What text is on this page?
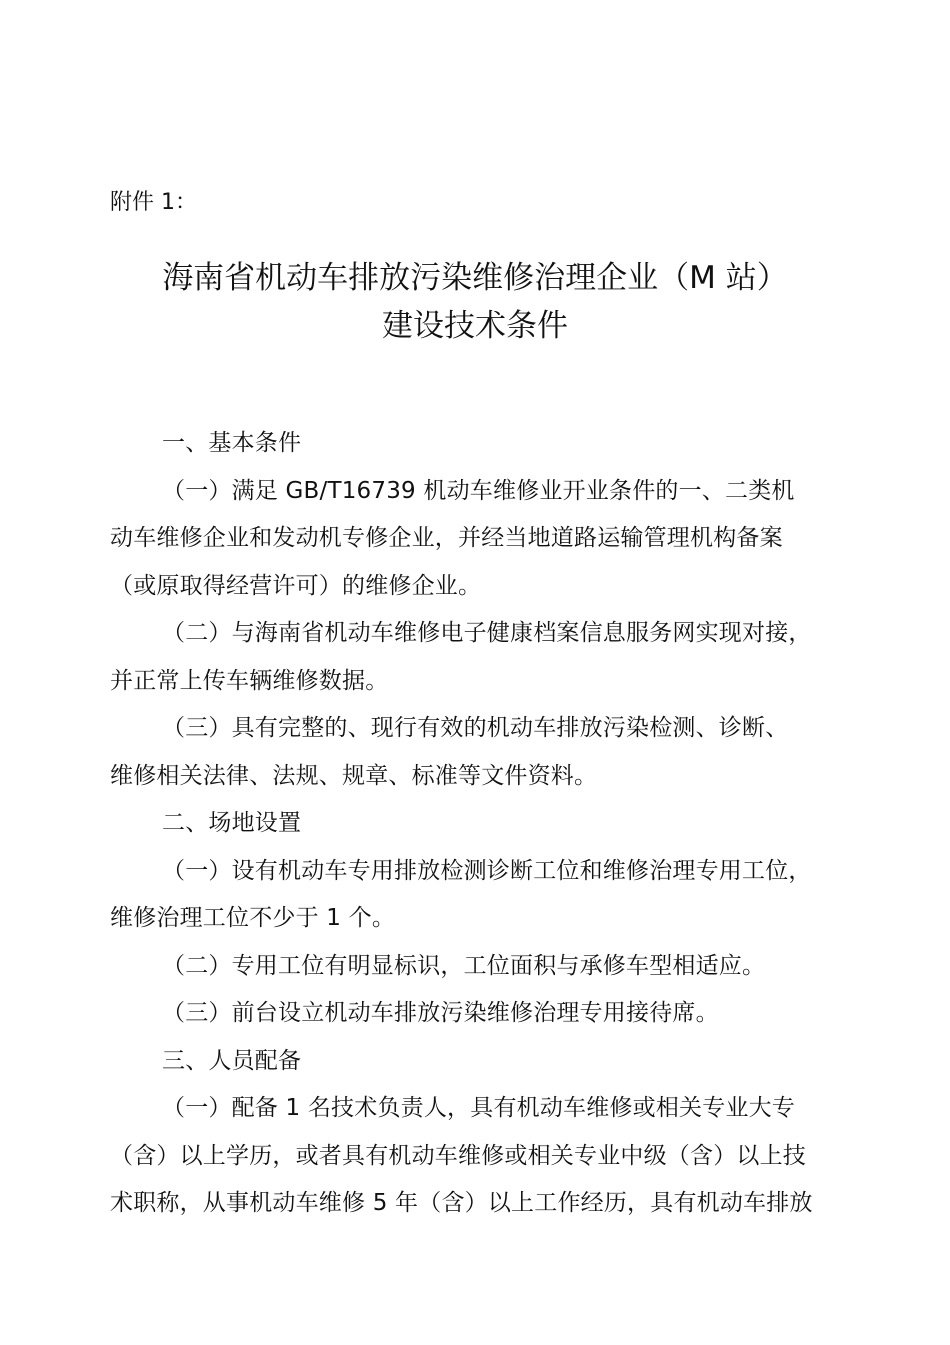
附件 1：
海南省机动车排放污染维修治理企业（M 站）
建设技术条件
一、基本条件
（一）满足 GB/T16739 机动车维修业开业条件的一、二类机
动车维修企业和发动机专修企业，并经当地道路运输管理机构备案
（或原取得经营许可）的维修企业。
（二）与海南省机动车维修电子健康档案信息服务网实现对接，
并正常上传车辆维修数据。
（三）具有完整的、现行有效的机动车排放污染检测、诊断、
维修相关法律、法规、规章、标准等文件资料。
二、场地设置
（一）设有机动车专用排放检测诊断工位和维修治理专用工位，
维修治理工位不少于 1 个。
（二）专用工位有明显标识，工位面积与承修车型相适应。
（三）前台设立机动车排放污染维修治理专用接待席。
三、人员配备
（一）配备 1 名技术负责人，具有机动车维修或相关专业大专
（含）以上学历，或者具有机动车维修或相关专业中级（含）以上技
术职称，从事机动车维修 5 年（含）以上工作经历，具有机动车排放
